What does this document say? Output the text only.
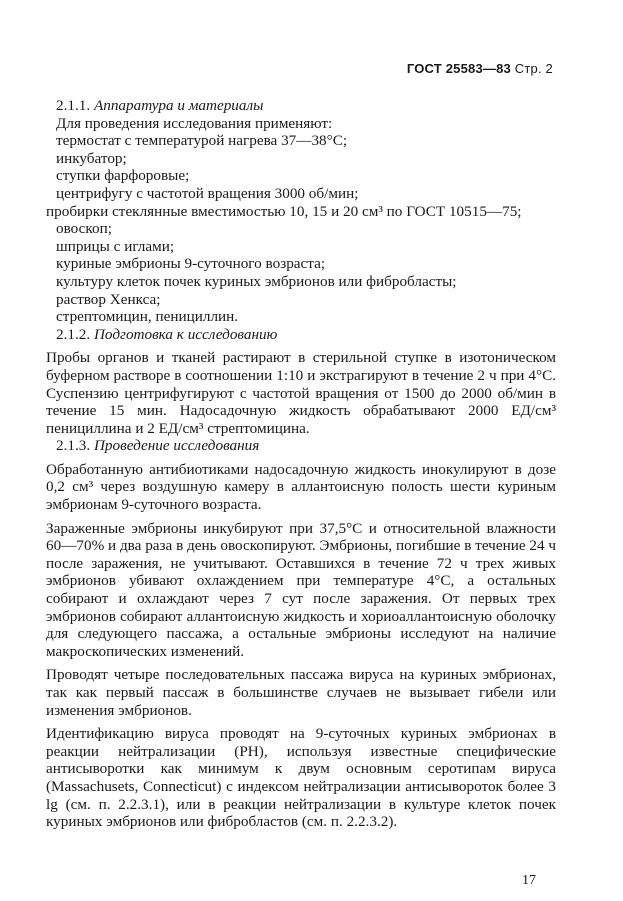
ГОСТ 25583—83 Стр. 2

2.1.1. Аппаратура и материалы

Для проведения исследования применяют:

термостат с температурой нагрева 37—38°С;

инкубатор;

ступки фарфоровые;

центрифугу с частотой вращения 3000 об/мин;

пробирки стеклянные вместимостью 10, 15 и 20 см³ по ГОСТ 10515—75;

овоскоп;

шприцы с иглами;

куриные эмбрионы 9-суточного возраста;

культуру клеток почек куриных эмбрионов или фибробласты;

раствор Хенкса;

стрептомицин, пенициллин.

2.1.2. Подготовка к исследованию

Пробы органов и тканей растирают в стерильной ступке в изотоническом буферном растворе в соотношении 1:10 и экстрагируют в течение 2 ч при 4°С. Суспензию центрифугируют с частотой вращения от 1500 до 2000 об/мин в течение 15 мин. Надосадочную жидкость обрабатывают 2000 ЕД/см³ пенициллина и 2 ЕД/см³ стрептомицина.

2.1.3. Проведение исследования

Обработанную антибиотиками надосадочную жидкость инокулируют в дозе 0,2 см³ через воздушную камеру в аллантоисную полость шести куриным эмбрионам 9-суточного возраста.

Зараженные эмбрионы инкубируют при 37,5°С и относительной влажности 60—70% и два раза в день овоскопируют. Эмбрионы, погибшие в течение 24 ч после заражения, не учитывают. Оставшихся в течение 72 ч трех живых эмбрионов убивают охлаждением при температуре 4°С, а остальных собирают и охлаждают через 7 сут после заражения. От первых трех эмбрионов собирают аллантоисную жидкость и хориоаллантоисную оболочку для следующего пассажа, а остальные эмбрионы исследуют на наличие макроскопических изменений.

Проводят четыре последовательных пассажа вируса на куриных эмбрионах, так как первый пассаж в большинстве случаев не вызывает гибели или изменения эмбрионов.

Идентификацию вируса проводят на 9-суточных куриных эмбрионах в реакции нейтрализации (РН), используя известные специфические антисыворотки как минимум к двум основным серотипам вируса (Massachusets, Connecticut) с индексом нейтрализации антисывороток более 3 lg (см. п. 2.2.3.1), или в реакции нейтрализации в культуре клеток почек куриных эмбрионов или фибробластов (см. п. 2.2.3.2).

17
